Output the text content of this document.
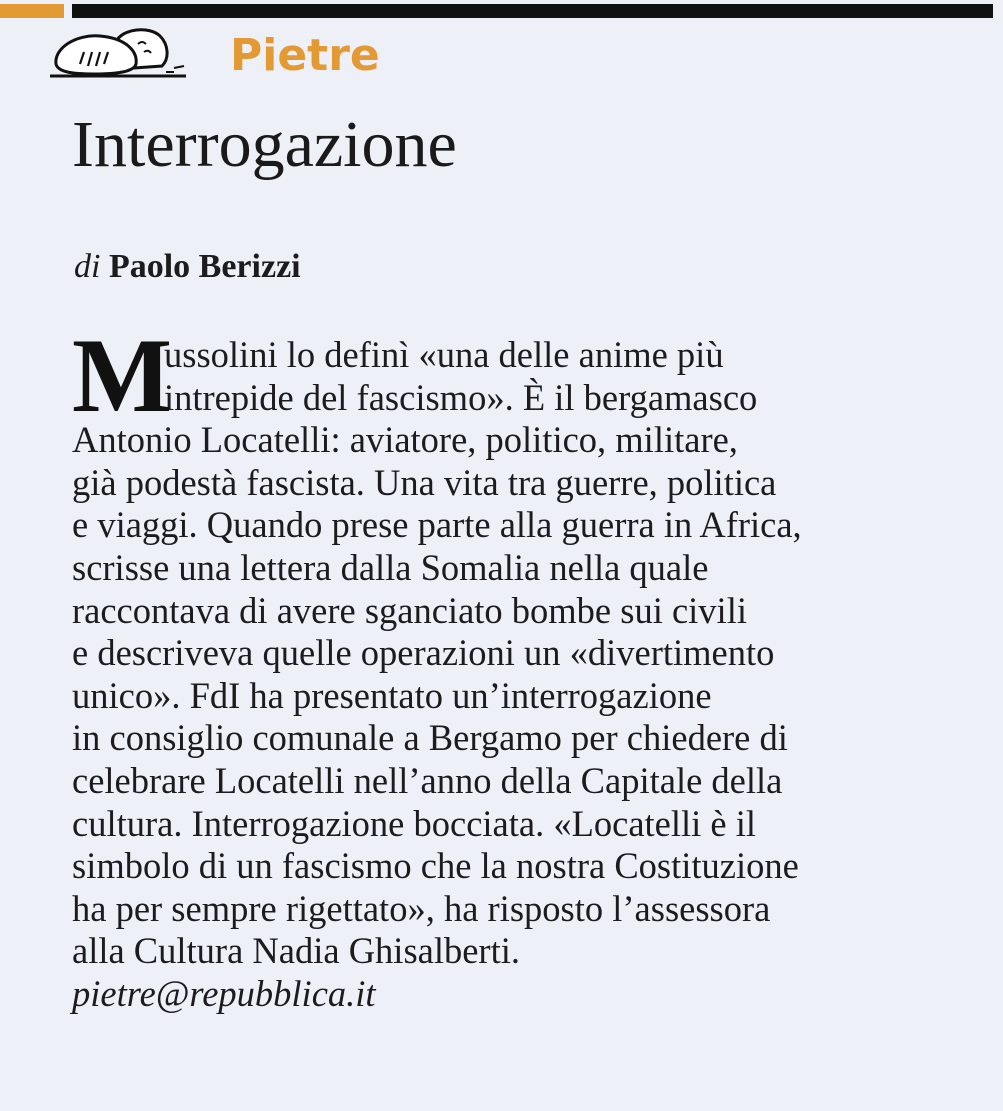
Pietre
Interrogazione
di Paolo Berizzi
M
ussolini lo definì «una delle anime più
intrepide del fascismo». È il bergamasco
Antonio Locatelli: aviatore, politico, militare,
già podestà fascista. Una vita tra guerre, politica
e viaggi. Quando prese parte alla guerra in Africa,
scrisse una lettera dalla Somalia nella quale
raccontava di avere sganciato bombe sui civili
e descriveva quelle operazioni un «divertimento
unico». FdI ha presentato un’interrogazione
in consiglio comunale a Bergamo per chiedere di
celebrare Locatelli nell’anno della Capitale della
cultura. Interrogazione bocciata. «Locatelli è il
simbolo di un fascismo che la nostra Costituzione
ha per sempre rigettato», ha risposto l’assessora
alla Cultura Nadia Ghisalberti.
pietre@repubblica.it
